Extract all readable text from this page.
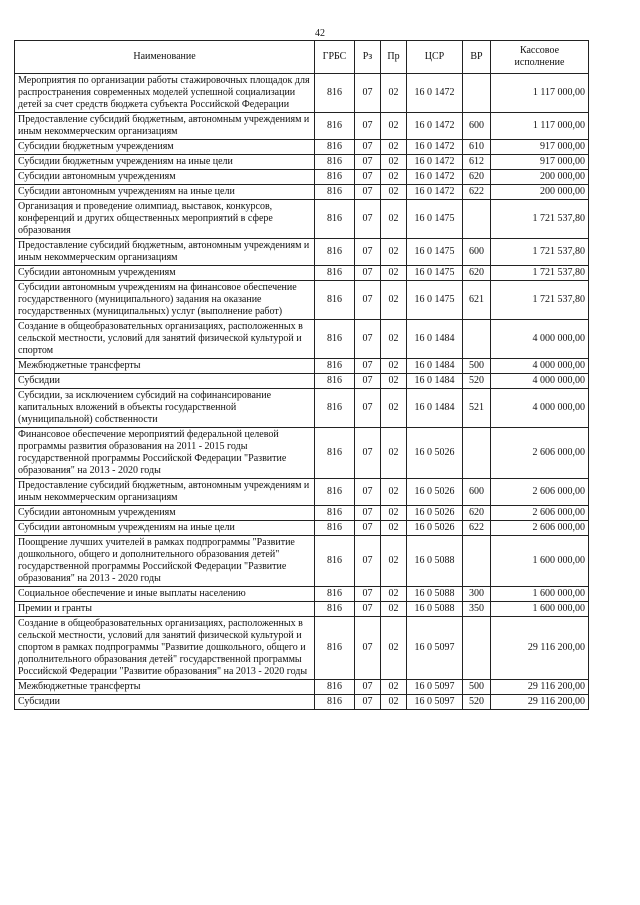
42
Наименование	ГРБС	Рз	Пр	ЦСР	ВР	Кассовое исполнение
Мероприятия по организации работы стажировочных площадок для распространения современных моделей успешной социализации детей за счет средств бюджета субъекта Российской Федерации	816	07	02	16 0 1472		1 117 000,00
Предоставление субсидий бюджетным, автономным учреждениям и иным некоммерческим организациям	816	07	02	16 0 1472	600	1 117 000,00
Субсидии бюджетным учреждениям	816	07	02	16 0 1472	610	917 000,00
Субсидии бюджетным учреждениям на иные цели	816	07	02	16 0 1472	612	917 000,00
Субсидии автономным учреждениям	816	07	02	16 0 1472	620	200 000,00
Субсидии автономным учреждениям на иные цели	816	07	02	16 0 1472	622	200 000,00
Организация и проведение олимпиад, выставок, конкурсов, конференций и других общественных мероприятий в сфере образования	816	07	02	16 0 1475		1 721 537,80
Предоставление субсидий бюджетным, автономным учреждениям и иным некоммерческим организациям	816	07	02	16 0 1475	600	1 721 537,80
Субсидии автономным учреждениям	816	07	02	16 0 1475	620	1 721 537,80
Субсидии автономным учреждениям на финансовое обеспечение государственного (муниципального) задания на оказание государственных (муниципальных) услуг (выполнение работ)	816	07	02	16 0 1475	621	1 721 537,80
Создание в общеобразовательных организациях, расположенных в сельской местности, условий для занятий физической культурой и спортом	816	07	02	16 0 1484		4 000 000,00
Межбюджетные трансферты	816	07	02	16 0 1484	500	4 000 000,00
Субсидии	816	07	02	16 0 1484	520	4 000 000,00
Субсидии, за исключением субсидий на софинансирование капитальных вложений в объекты государственной (муниципальной) собственности	816	07	02	16 0 1484	521	4 000 000,00
Финансовое обеспечение мероприятий федеральной целевой программы развития образования на 2011 - 2015 годы государственной программы Российской Федерации "Развитие образования" на 2013 - 2020 годы	816	07	02	16 0 5026		2 606 000,00
Предоставление субсидий бюджетным, автономным учреждениям и иным некоммерческим организациям	816	07	02	16 0 5026	600	2 606 000,00
Субсидии автономным учреждениям	816	07	02	16 0 5026	620	2 606 000,00
Субсидии автономным учреждениям на иные цели	816	07	02	16 0 5026	622	2 606 000,00
Поощрение лучших учителей в рамках подпрограммы "Развитие дошкольного, общего и дополнительного образования детей" государственной программы Российской Федерации "Развитие образования" на 2013 - 2020 годы	816	07	02	16 0 5088		1 600 000,00
Социальное обеспечение и иные выплаты населению	816	07	02	16 0 5088	300	1 600 000,00
Премии и гранты	816	07	02	16 0 5088	350	1 600 000,00
Создание в общеобразовательных организациях, расположенных в сельской местности, условий для занятий физической культурой и спортом в рамках подпрограммы "Развитие дошкольного, общего и дополнительного образования детей" государственной программы Российской Федерации "Развитие образования" на 2013 - 2020 годы	816	07	02	16 0 5097		29 116 200,00
Межбюджетные трансферты	816	07	02	16 0 5097	500	29 116 200,00
Субсидии	816	07	02	16 0 5097	520	29 116 200,00
